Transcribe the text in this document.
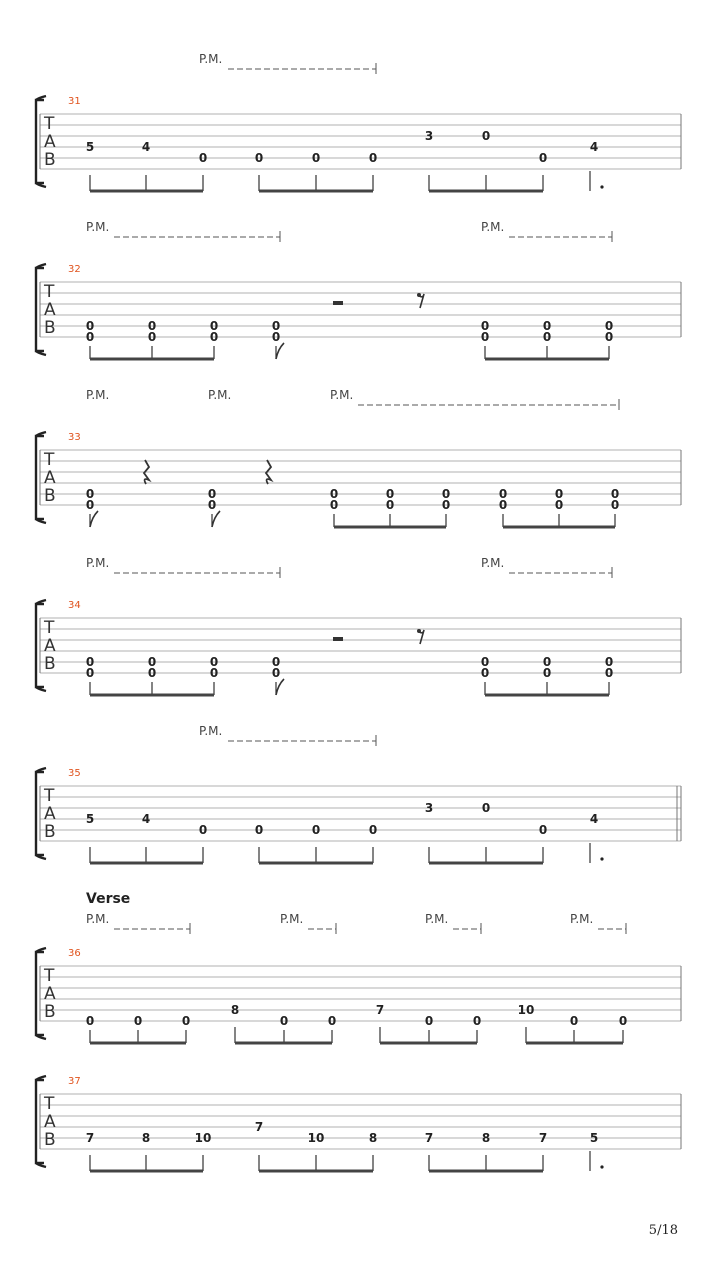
P.M.
31
T
A
B
5	4
0	0	0	0
3	0
0
4
P.M.	P.M.
32
T
A
B	0
0
0
0
0
0
0
0
0
0
0
0
0
0
P.M.	P.M.	P.M.
33
T
A
B	0
0
0
0
0
0
0
0
0
0
0
0
0
0
0
0
P.M.	P.M.
34
T
A
B	0
0
0
0
0
0
0
0
0
0
0
0
0
0
P.M.
35
T
A
B
5	4
0	0	0	0
3	0
0
4
Verse
P.M.	P.M.	P.M.	P.M.
36
T
A
B	0	0	0
8
0	0
7
0	0
10
0	0
37
T
A
B	7	8	10
7
10	8	7	8	7	5
5/18
